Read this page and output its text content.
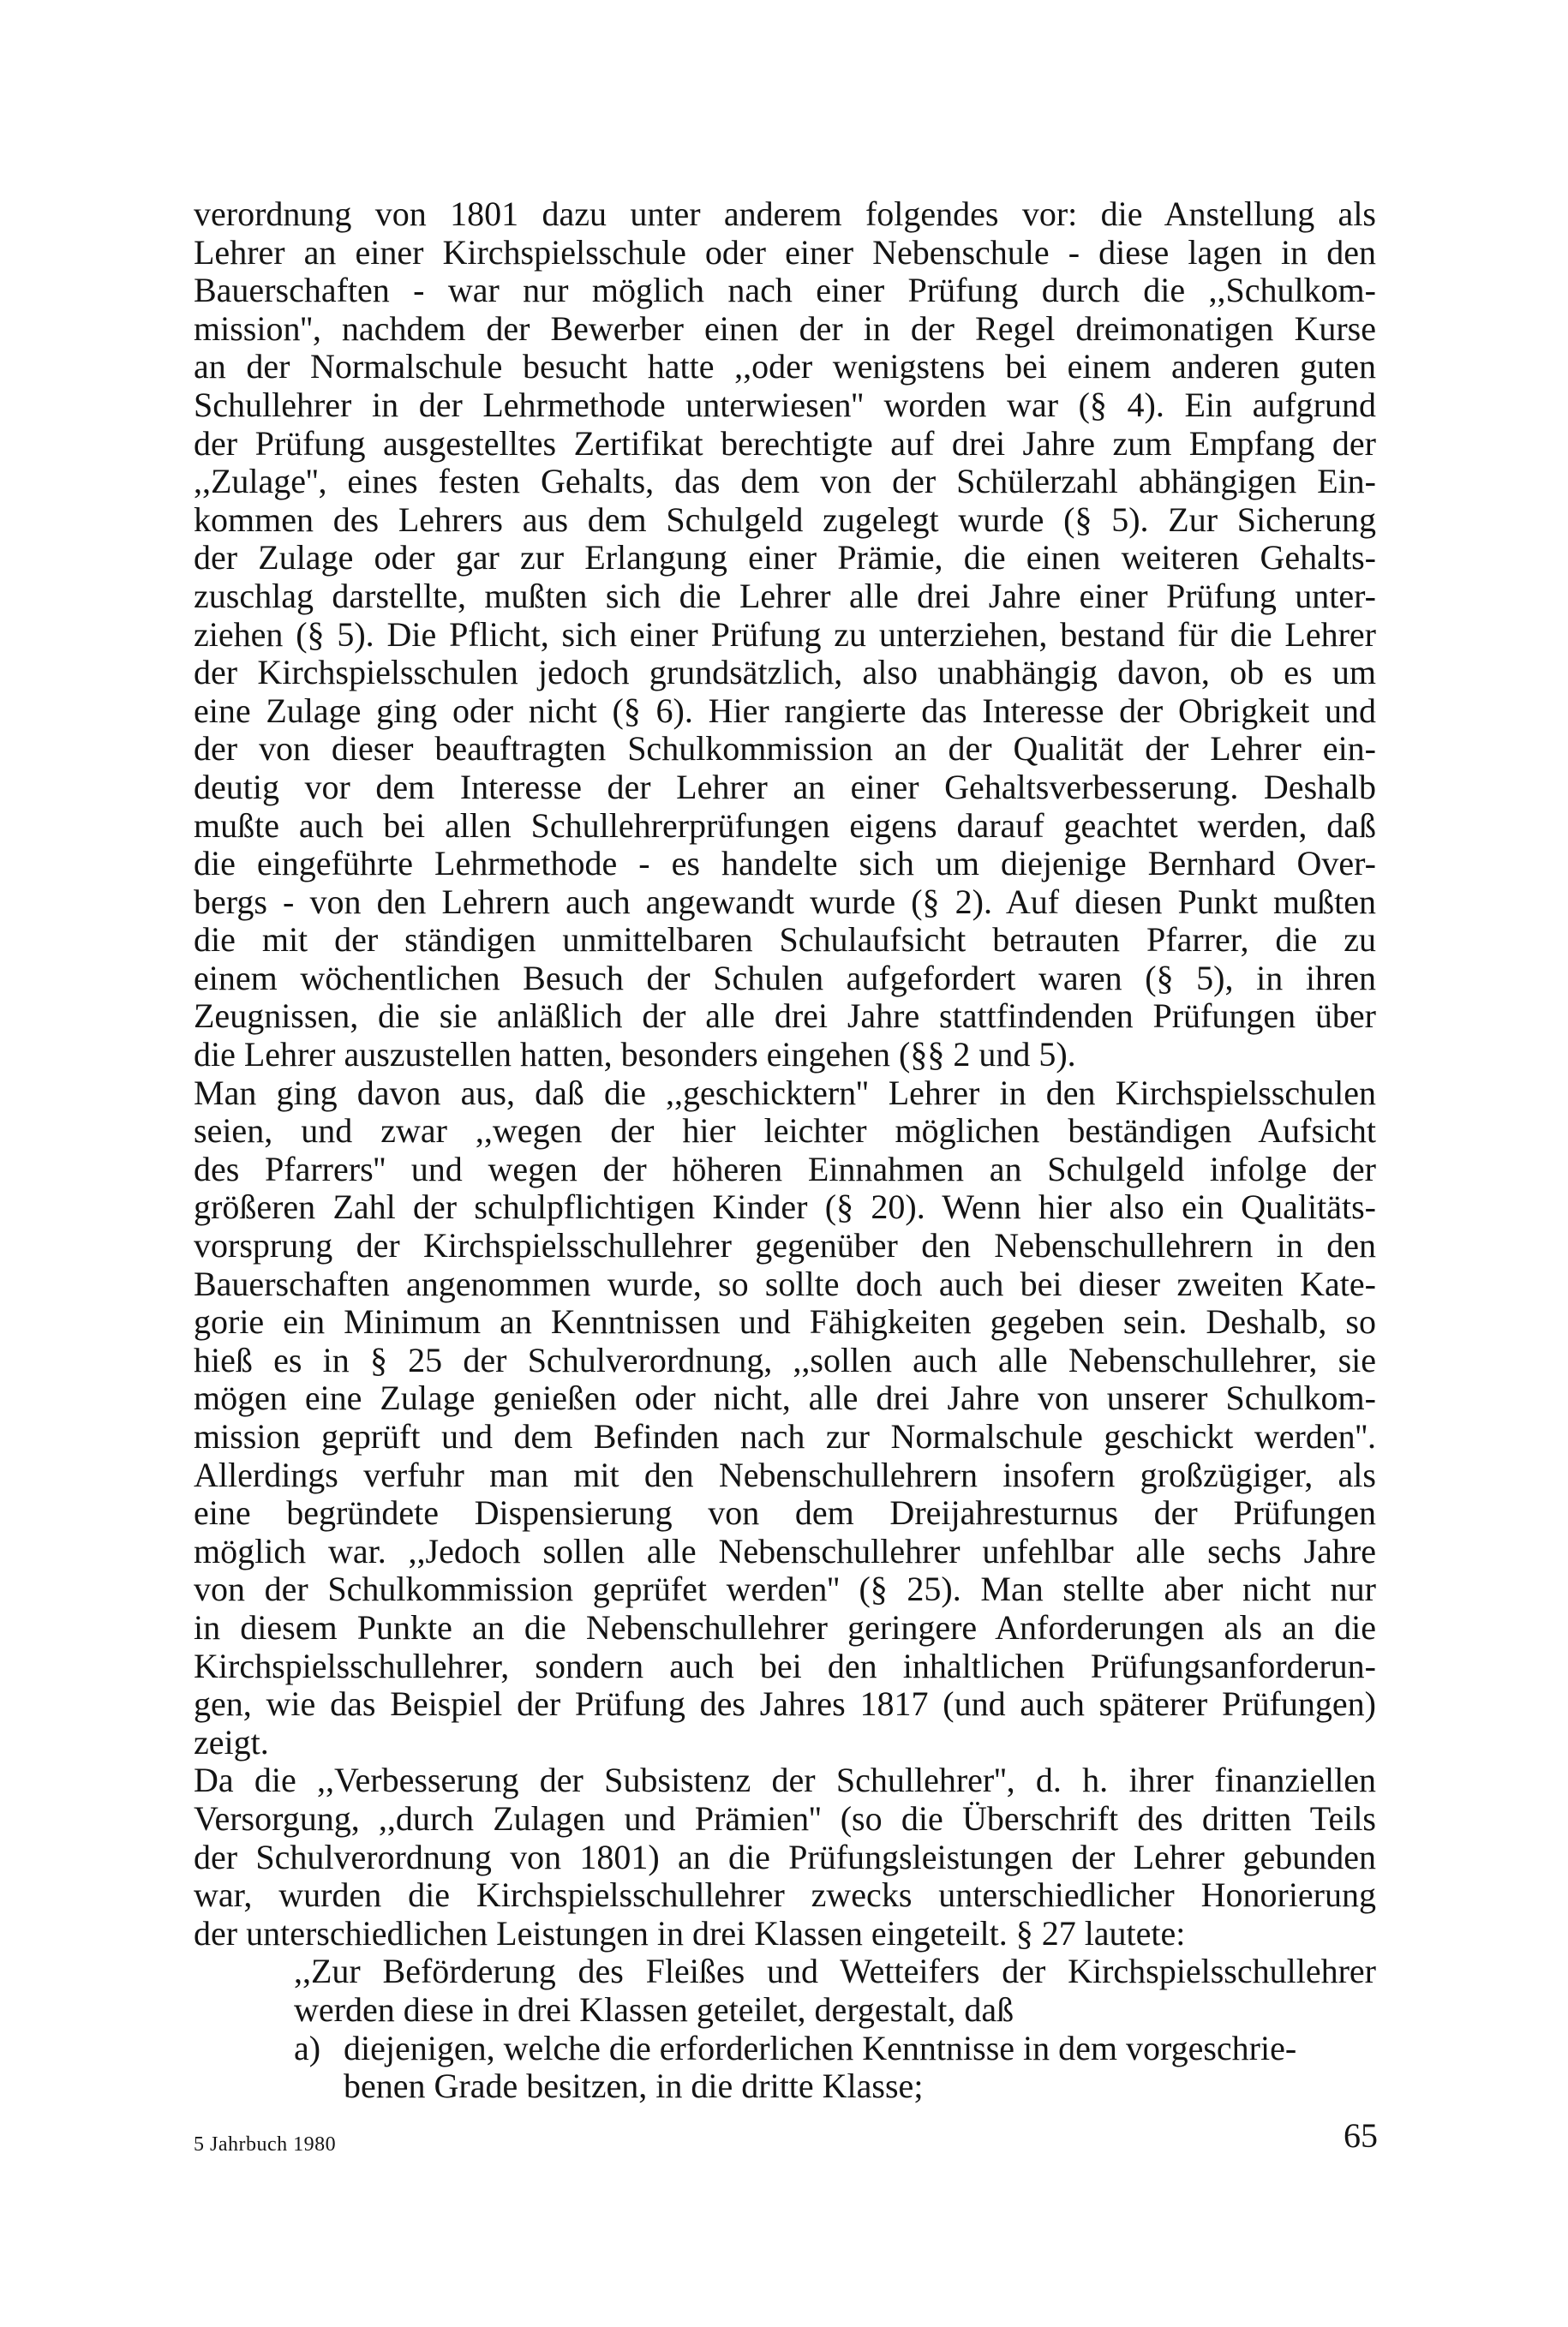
verordnung von 1801 dazu unter anderem folgendes vor: die Anstellung als
Lehrer an einer Kirchspielsschule oder einer Nebenschule - diese lagen in den
Bauerschaften - war nur möglich nach einer Prüfung durch die ,,Schulkom-
mission'', nachdem der Bewerber einen der in der Regel dreimonatigen Kurse
an der Normalschule besucht hatte ,,oder wenigstens bei einem anderen guten
Schullehrer in der Lehrmethode unterwiesen'' worden war (§ 4). Ein aufgrund
der Prüfung ausgestelltes Zertifikat berechtigte auf drei Jahre zum Empfang der
,,Zulage'', eines festen Gehalts, das dem von der Schülerzahl abhängigen Ein-
kommen des Lehrers aus dem Schulgeld zugelegt wurde (§ 5). Zur Sicherung
der Zulage oder gar zur Erlangung einer Prämie, die einen weiteren Gehalts-
zuschlag darstellte, mußten sich die Lehrer alle drei Jahre einer Prüfung unter-
ziehen (§ 5). Die Pflicht, sich einer Prüfung zu unterziehen, bestand für die Lehrer
der Kirchspielsschulen jedoch grundsätzlich, also unabhängig davon, ob es um
eine Zulage ging oder nicht (§ 6). Hier rangierte das Interesse der Obrigkeit und
der von dieser beauftragten Schulkommission an der Qualität der Lehrer ein-
deutig vor dem Interesse der Lehrer an einer Gehaltsverbesserung. Deshalb
mußte auch bei allen Schullehrerprüfungen eigens darauf geachtet werden, daß
die eingeführte Lehrmethode - es handelte sich um diejenige Bernhard Over-
bergs - von den Lehrern auch angewandt wurde (§ 2). Auf diesen Punkt mußten
die mit der ständigen unmittelbaren Schulaufsicht betrauten Pfarrer, die zu
einem wöchentlichen Besuch der Schulen aufgefordert waren (§ 5), in ihren
Zeugnissen, die sie anläßlich der alle drei Jahre stattfindenden Prüfungen über
die Lehrer auszustellen hatten, besonders eingehen (§§ 2 und 5).
Man ging davon aus, daß die ,,geschicktern'' Lehrer in den Kirchspielsschulen
seien, und zwar ,,wegen der hier leichter möglichen beständigen Aufsicht
des Pfarrers'' und wegen der höheren Einnahmen an Schulgeld infolge der
größeren Zahl der schulpflichtigen Kinder (§ 20). Wenn hier also ein Qualitäts-
vorsprung der Kirchspielsschullehrer gegenüber den Nebenschullehrern in den
Bauerschaften angenommen wurde, so sollte doch auch bei dieser zweiten Kate-
gorie ein Minimum an Kenntnissen und Fähigkeiten gegeben sein. Deshalb, so
hieß es in § 25 der Schulverordnung, ,,sollen auch alle Nebenschullehrer, sie
mögen eine Zulage genießen oder nicht, alle drei Jahre von unserer Schulkom-
mission geprüft und dem Befinden nach zur Normalschule geschickt werden''.
Allerdings verfuhr man mit den Nebenschullehrern insofern großzügiger, als
eine begründete Dispensierung von dem Dreijahresturnus der Prüfungen
möglich war. ,,Jedoch sollen alle Nebenschullehrer unfehlbar alle sechs Jahre
von der Schulkommission geprüfet werden'' (§ 25). Man stellte aber nicht nur
in diesem Punkte an die Nebenschullehrer geringere Anforderungen als an die
Kirchspielsschullehrer, sondern auch bei den inhaltlichen Prüfungsanforderun-
gen, wie das Beispiel der Prüfung des Jahres 1817 (und auch späterer Prüfungen)
zeigt.
Da die ,,Verbesserung der Subsistenz der Schullehrer'', d. h. ihrer finanziellen
Versorgung, ,,durch Zulagen und Prämien'' (so die Überschrift des dritten Teils
der Schulverordnung von 1801) an die Prüfungsleistungen der Lehrer gebunden
war, wurden die Kirchspielsschullehrer zwecks unterschiedlicher Honorierung
der unterschiedlichen Leistungen in drei Klassen eingeteilt. § 27 lautete:
,,Zur Beförderung des Fleißes und Wetteifers der Kirchspielsschullehrer
werden diese in drei Klassen geteilet, dergestalt, daß
a) diejenigen, welche die erforderlichen Kenntnisse in dem vorgeschrie-
benen Grade besitzen, in die dritte Klasse;
5 Jahrbuch 1980	65
